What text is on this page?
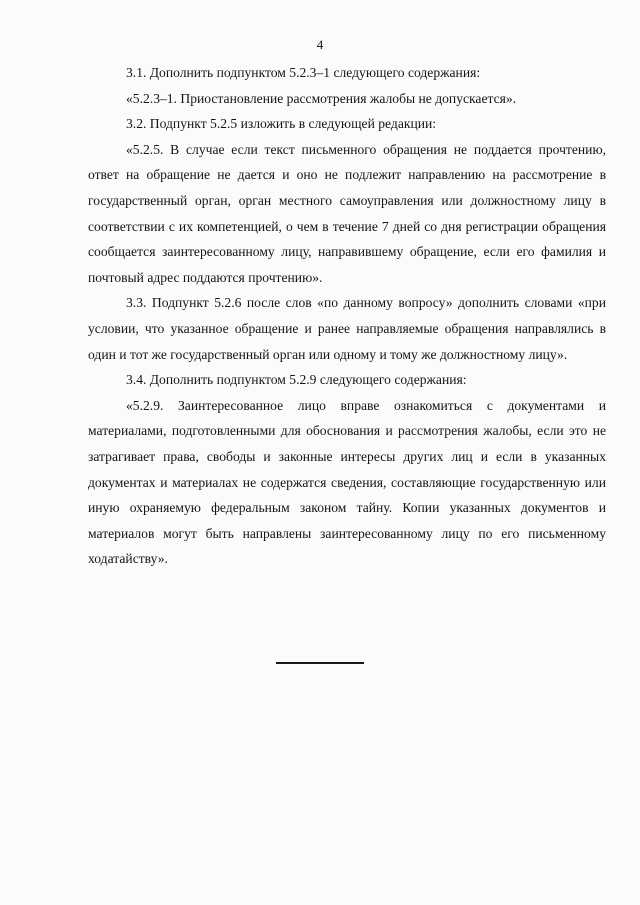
4

3.1. Дополнить подпунктом 5.2.3–1 следующего содержания:

«5.2.3–1. Приостановление рассмотрения жалобы не допускается».

3.2. Подпункт 5.2.5 изложить в следующей редакции:

«5.2.5. В случае если текст письменного обращения не поддается прочтению, ответ на обращение не дается и оно не подлежит направлению на рассмотрение в государственный орган, орган местного самоуправления или должностному лицу в соответствии с их компетенцией, о чем в течение 7 дней со дня регистрации обращения сообщается заинтересованному лицу, направившему обращение, если его фамилия и почтовый адрес поддаются прочтению».

3.3. Подпункт 5.2.6 после слов «по данному вопросу» дополнить словами «при условии, что указанное обращение и ранее направляемые обращения направлялись в один и тот же государственный орган или одному и тому же должностному лицу».

3.4. Дополнить подпунктом 5.2.9 следующего содержания:

«5.2.9. Заинтересованное лицо вправе ознакомиться с документами и материалами, подготовленными для обоснования и рассмотрения жалобы, если это не затрагивает права, свободы и законные интересы других лиц и если в указанных документах и материалах не содержатся сведения, составляющие государственную или иную охраняемую федеральным законом тайну. Копии указанных документов и материалов могут быть направлены заинтересованному лицу по его письменному ходатайству».
